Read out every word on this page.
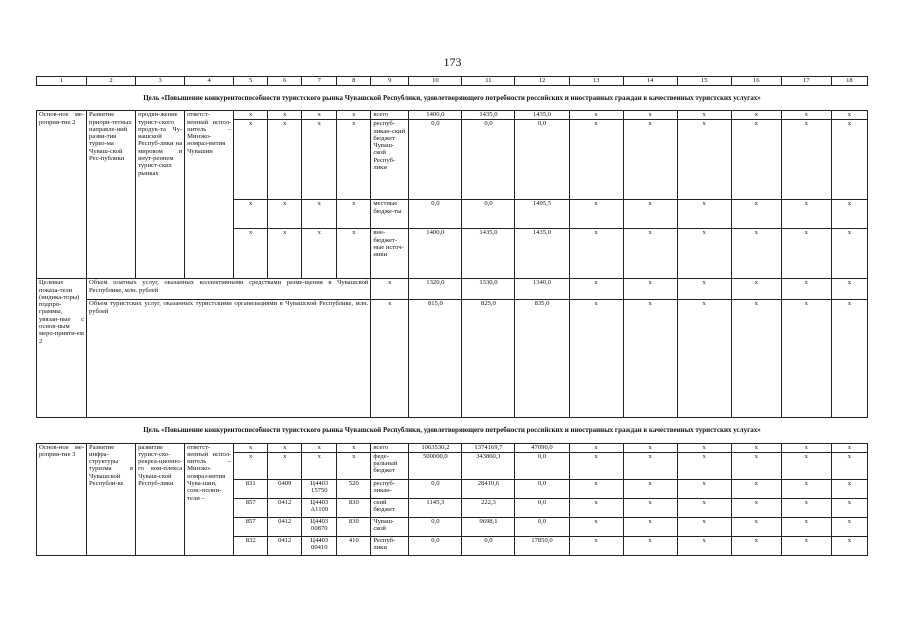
173
1	2	3	4	5	6	7	8	9	10	11	12	13	14	15	16	17	18
Цель «Повышение конкурентоспособности туристского рынка Чувашской Республики, удовлетворяющего потребности российских и иностранных граждан в качественных туристских услугах»																	
Основ-ное ме-роприя-тие 2	Развитие приори-тетных направле-ний разви-тия туриз-ма Чуваш-ской Рес-публики	продви-жение турист-ского продук-та Чу-вашской Респуб-лики на мировом и внут-реннем турист-ских рынках	ответст-венный испол-нитель – Минэко-номраз-вития Чувашии	x	x	x	x	всего	1400,0	1435,0	1435,0	x	x	x	x	x	x
				x	x	x	x	респуб-ликан-ский бюджет Чуваш-ской Респуб-лики	0,0	0,0	0,0	x	x	x	x	x	x
				x	x	x	x	местные бюдже-ты	0,0	0,0	1495,5	x	x	x	x	x	x
				x	x	x	x	вне-бюджет-ные источ-ники	1400,0	1435,0	1435,0	x	x	x	x	x	x
Целевые показа-тели (индика-торы) подпро-граммы, увязан-ные с основ-ным меро-прияти-ем 2	Объем платных услуг, оказанных коллективными средствами разме-щения в Чувашской Республике, млн. рублей							x	1320,0	1330,0	1340,0	x	x	x	x	x	x
	Объем туристских услуг, оказанных туристскими организациями в Чувашской Республике, млн. рублей							x	815,0	825,0	835,0	x	x	x	x	x	x
Цель «Повышение конкурентоспособности туристского рынка Чувашской Республики, удовлетворяющего потребности российских и иностранных граждан в качественных туристских услугах»																	
Основ-ное ме-роприя-тие 3	Развитие инфра-структуры туризма в Чувашской Республи-ке	развитие турист-ско-рекреа-ционно-го ком-плекса Чуваш-ской Респуб-лики	ответст-венный испол-нитель – Минэко-номраз-вития Чува-шии, соис-полни-тели –	x	x	x	x	всего	1063530,2	1374169,7	47090,0	x	x	x	x	x	x
				x	x	x	x	феде-ральный бюджет	500000,0	343860,1	0,0	x	x	x	x	x	x
				831	0409	Ц4403 15750	520	респуб-ликан-	0,0	28410,6	0,0	x	x	x	x	x	x
				857	0412	Ц4403 А1109	830	ский бюджет	1145,3	222,3	0,0	x	x	x	x	x	x
				857	0412	Ц4403 00870	830	Чуваш-ской	0,0	9698,1	0,0	x	x	x	x	x	x
				832	0412	Ц4403 00410	410	Респуб-лики	0,0	0,0	17850,0	x	x	x	x	x	x
